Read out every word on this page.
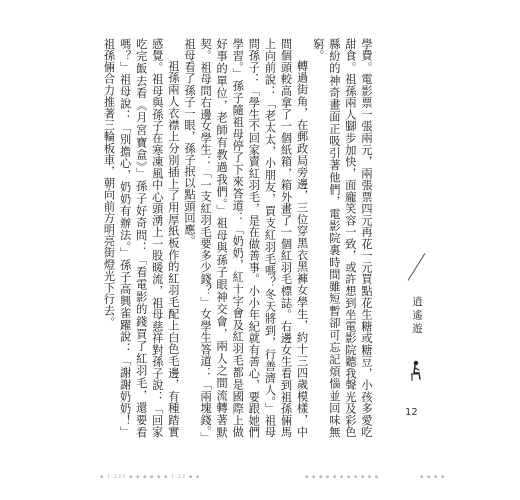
學費。電影票一張兩元，兩張票四元再花一元買點花生糖或糖豆，小孩多愛吃甜食。祖孫兩人腳步加快，面龐笑容一致，或許想到坐電影院聽我聲光及彩色縣紛的神奇畫面正吸引著他們，電影院裏時間雖短暫卻可忘記煩惱並回味無窮。

轉過街角，在郵政局旁邊，三位穿黑衣黑褲女學生，約十三四歲模樣，中間個頭較高拿了一個紙箱，箱外畫了一個紅羽毛標誌。右邊女生看到祖孫倆馬上向前說：「老太太，小朋友，買支紅羽毛嗎？冬天將到，行善濟人。」祖母問孫子：「學生不回家賣紅羽毛，是在做善事。小小年紀就有善心，要跟她們學習。」孫子隨祖母停了下來答道：「奶奶，紅十字會及紅羽毛都是國際上做好事的單位，老師有教過我們。」祖母與孫子眼神交會，兩人之間流轉著默契。祖母問右邊女學生：「一支紅羽毛要多少錢？」女學生答道：「兩塊錢。」祖母看了孫子一眼，孫子抿以點頭回應。

祖孫兩人衣襟上分別插上了用厚紙板作的紅羽毛配上白色毛邊，有種踏實感覺。祖母與孫子在寒凍風中心頭湧上一股暖流，祖母慈祥對孫子說：「回家吃完飯去看《月宮寶盒》」孫子好奇問：「看電影的錢買了紅羽毛，還要看嗎？」祖母說：「別擔心，奶奶有辦法。」孫子高興雀躍說：「謝謝奶奶！」祖孫倆合力推著三輪板車，朝向前方明亮街燈光下行去。	逍遙遊
12
▪ 1-120 ▪ ▪ ▪ ▪ ▪ ▪ 1-12 ▪ ▪	▪ ▪ ▪ ▪ ▪ ▪ ▪ ▪ ▪ ▪ ▪	▪ ▪ ▪ ▪
